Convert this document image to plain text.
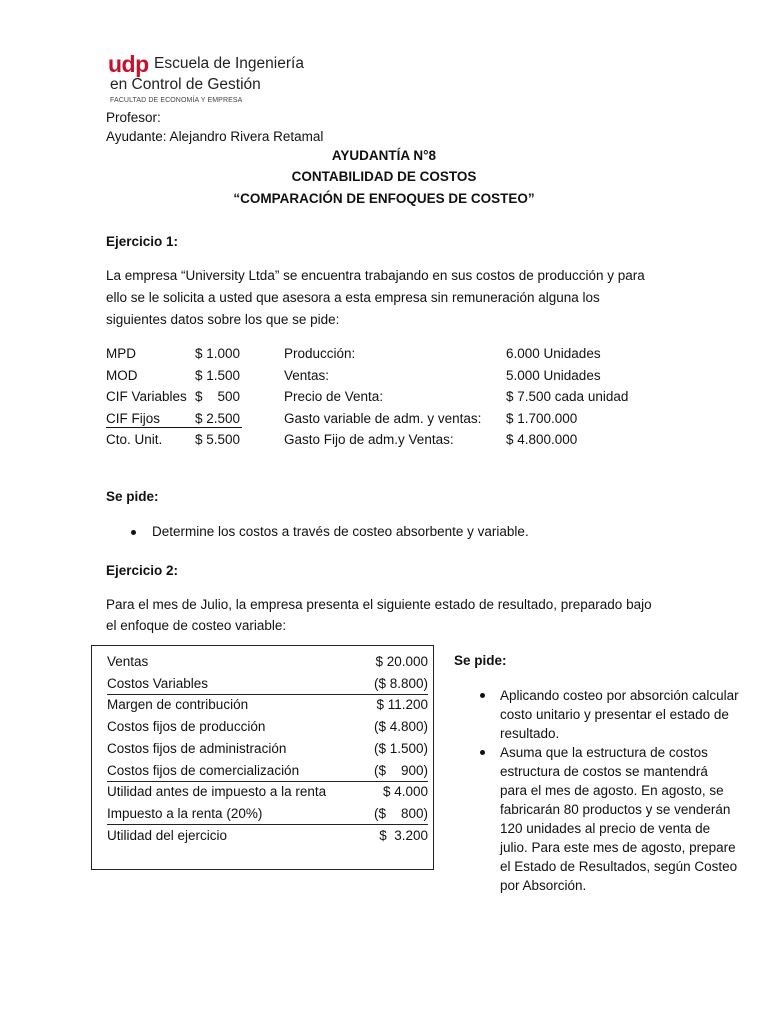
udp Escuela de Ingeniería
en Control de Gestión
FACULTAD DE ECONOMÍA Y EMPRESA
Profesor:
Ayudante: Alejandro Rivera Retamal
AYUDANTÍA N°8
CONTABILIDAD DE COSTOS
“COMPARACIÓN DE ENFOQUES DE COSTEO”
Ejercicio 1:
La empresa “University Ltda” se encuentra trabajando en sus costos de producción y para
ello se le solicita a usted que asesora a esta empresa sin remuneración alguna los
siguientes datos sobre los que se pide:
MPD	$ 1.000	Producción:	6.000 Unidades
MOD	$ 1.500	Ventas:	5.000 Unidades
CIF Variables $    500	Precio de Venta:	$ 7.500 cada unidad
CIF Fijos	$ 2.500	Gasto variable de adm. y ventas: $ 1.700.000
Cto. Unit. $ 5.500	Gasto Fijo de adm.y Ventas:	$ 4.800.000
Se pide:
Determine los costos a través de costeo absorbente y variable.
Ejercicio 2:
Para el mes de Julio, la empresa presenta el siguiente estado de resultado, preparado bajo
el enfoque de costeo variable:
Ventas	$ 20.000
Costos Variables	($ 8.800)
Margen de contribución	$ 11.200
Costos fijos de producción	($ 4.800)
Costos fijos de administración	($ 1.500)
Costos fijos de comercialización	($    900)
Utilidad antes de impuesto a la renta	$ 4.000
Impuesto a la renta (20%)	($    800)
Utilidad del ejercicio	$  3.200
Se pide:
Aplicando costeo por absorción calcular
costo unitario y presentar el estado de
resultado.
Asuma que la estructura de costos
estructura de costos se mantendrá
para el mes de agosto. En agosto, se
fabricarán 80 productos y se venderán
120 unidades al precio de venta de
julio. Para este mes de agosto, prepare
el Estado de Resultados, según Costeo
por Absorción.
